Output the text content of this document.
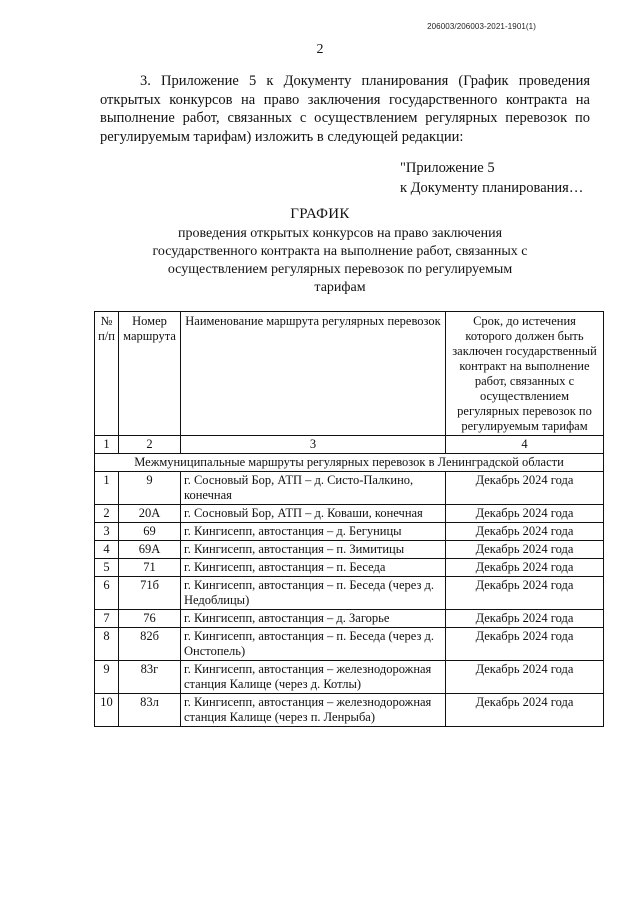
206003/206003-2021-1901(1)
2
3. Приложение 5 к Документу планирования (График проведения открытых конкурсов на право заключения государственного контракта на выполнение работ, связанных с осуществлением регулярных перевозок по регулируемым тарифам) изложить в следующей редакции:
"Приложение 5
к Документу планирования…
ГРАФИК
проведения открытых конкурсов на право заключения государственного контракта на выполнение работ, связанных с осуществлением регулярных перевозок по регулируемым тарифам
№ п/п	Номер маршрута	Наименование маршрута регулярных перевозок	Срок, до истечения которого должен быть заключен государственный контракт на выполнение работ, связанных с осуществлением регулярных перевозок по регулируемым тарифам
1	2	3	4
Межмуниципальные маршруты регулярных перевозок в Ленинградской области			
1	9	г. Сосновый Бор, АТП – д. Систо-Палкино, конечная	Декабрь 2024 года
2	20А	г. Сосновый Бор, АТП – д. Коваши, конечная	Декабрь 2024 года
3	69	г. Кингисепп, автостанция – д. Бегуницы	Декабрь 2024 года
4	69А	г. Кингисепп, автостанция – п. Зимитицы	Декабрь 2024 года
5	71	г. Кингисепп, автостанция – п. Беседа	Декабрь 2024 года
6	71б	г. Кингисепп, автостанция – п. Беседа (через д. Недоблицы)	Декабрь 2024 года
7	76	г. Кингисепп, автостанция – д. Загорье	Декабрь 2024 года
8	82б	г. Кингисепп, автостанция – п. Беседа (через д. Онстопель)	Декабрь 2024 года
9	83г	г. Кингисепп, автостанция – железнодорожная станция Калище (через д. Котлы)	Декабрь 2024 года
10	83л	г. Кингисепп, автостанция – железнодорожная станция Калище (через п. Ленрыба)	Декабрь 2024 года
